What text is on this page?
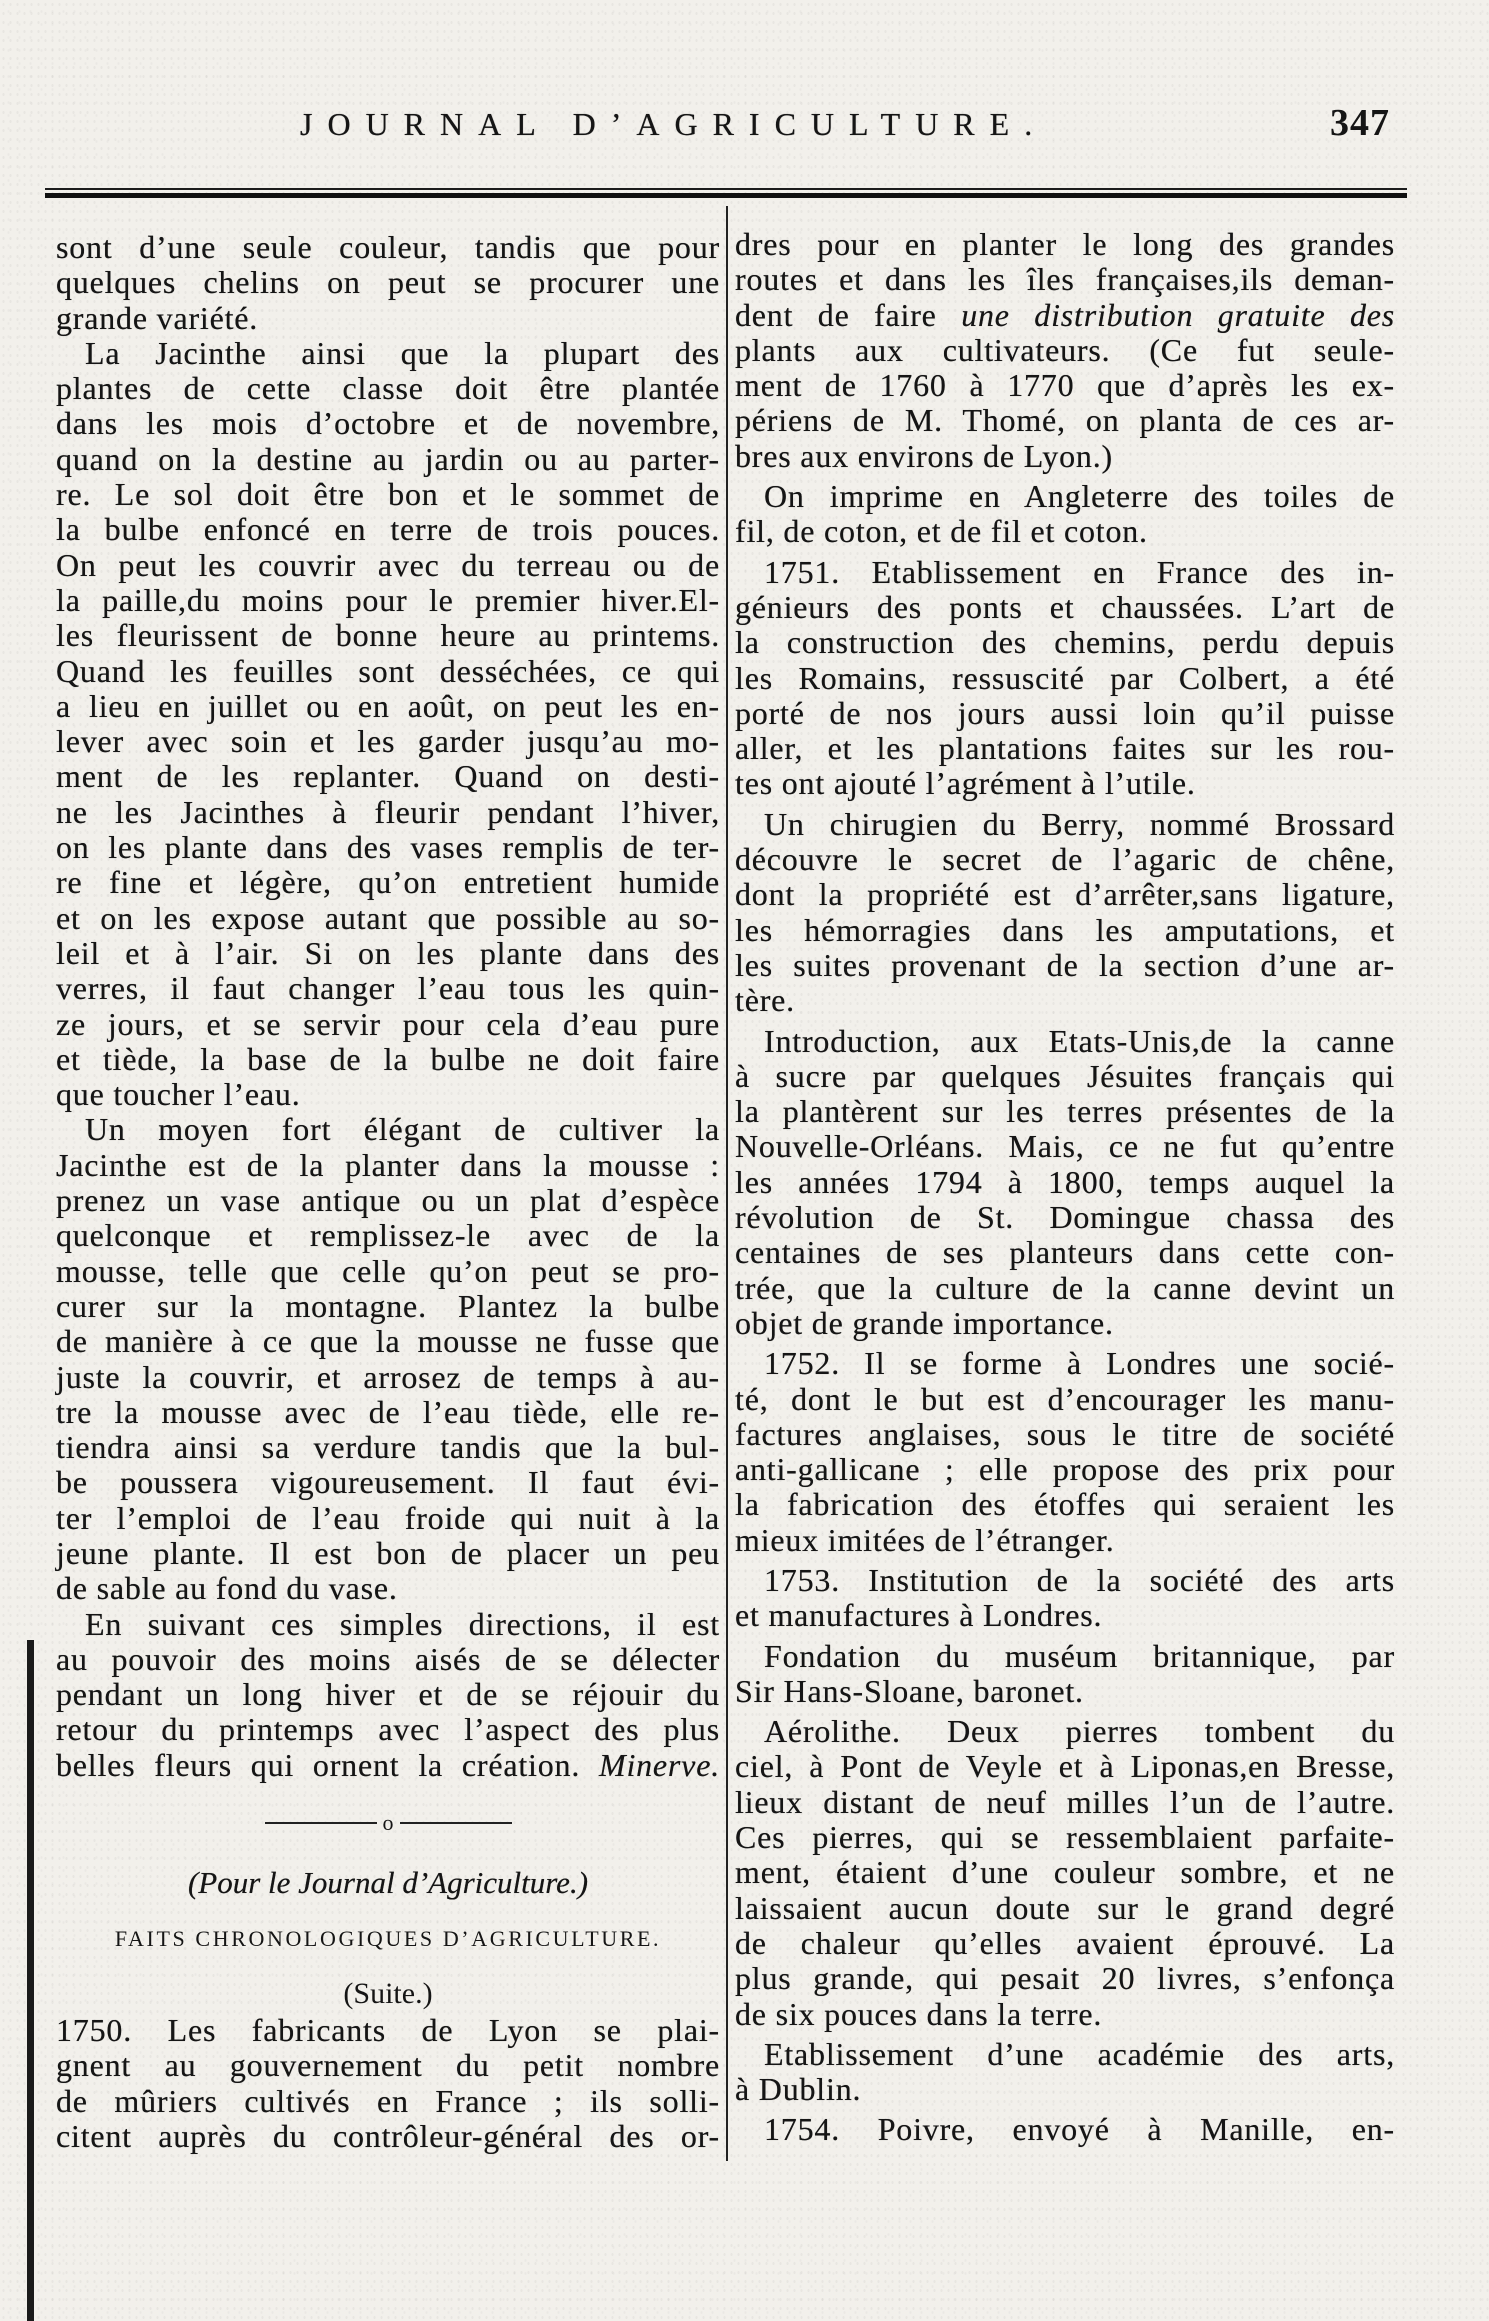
JOURNAL D’AGRICULTURE.	347
sont d’une seule couleur, tandis que pour
quelques chelins on peut se procurer une
grande variété.
La Jacinthe ainsi que la plupart des
plantes de cette classe doit être plantée
dans les mois d’octobre et de novembre,
quand on la destine au jardin ou au parter-
re. Le sol doit être bon et le sommet de
la bulbe enfoncé en terre de trois pouces.
On peut les couvrir avec du terreau ou de
la paille,du moins pour le premier hiver.El-
les fleurissent de bonne heure au printems.
Quand les feuilles sont desséchées, ce qui
a lieu en juillet ou en août, on peut les en-
lever avec soin et les garder jusqu’au mo-
ment de les replanter. Quand on desti-
ne les Jacinthes à fleurir pendant l’hiver,
on les plante dans des vases remplis de ter-
re fine et légère, qu’on entretient humide
et on les expose autant que possible au so-
leil et à l’air. Si on les plante dans des
verres, il faut changer l’eau tous les quin-
ze jours, et se servir pour cela d’eau pure
et tiède, la base de la bulbe ne doit faire
que toucher l’eau.
Un moyen fort élégant de cultiver la
Jacinthe est de la planter dans la mousse :
prenez un vase antique ou un plat d’espèce
quelconque et remplissez-le avec de la
mousse, telle que celle qu’on peut se pro-
curer sur la montagne. Plantez la bulbe
de manière à ce que la mousse ne fusse que
juste la couvrir, et arrosez de temps à au-
tre la mousse avec de l’eau tiède, elle re-
tiendra ainsi sa verdure tandis que la bul-
be poussera vigoureusement. Il faut évi-
ter l’emploi de l’eau froide qui nuit à la
jeune plante. Il est bon de placer un peu
de sable au fond du vase.
En suivant ces simples directions, il est
au pouvoir des moins aisés de se délecter
pendant un long hiver et de se réjouir du
retour du printemps avec l’aspect des plus
belles fleurs qui ornent la création. Minerve.
o
(Pour le Journal d’Agriculture.)
FAITS CHRONOLOGIQUES D’AGRICULTURE.
(Suite.)
1750. Les fabricants de Lyon se plai-
gnent au gouvernement du petit nombre
de mûriers cultivés en France ; ils solli-
citent auprès du contrôleur-général des or-
dres pour en planter le long des grandes
routes et dans les îles françaises,ils deman-
dent de faire une distribution gratuite des
plants aux cultivateurs. (Ce fut seule-
ment de 1760 à 1770 que d’après les ex-
périens de M. Thomé, on planta de ces ar-
bres aux environs de Lyon.)
On imprime en Angleterre des toiles de
fil, de coton, et de fil et coton.
1751. Etablissement en France des in-
génieurs des ponts et chaussées. L’art de
la construction des chemins, perdu depuis
les Romains, ressuscité par Colbert, a été
porté de nos jours aussi loin qu’il puisse
aller, et les plantations faites sur les rou-
tes ont ajouté l’agrément à l’utile.
Un chirugien du Berry, nommé Brossard
découvre le secret de l’agaric de chêne,
dont la propriété est d’arrêter,sans ligature,
les hémorragies dans les amputations, et
les suites provenant de la section d’une ar-
tère.
Introduction, aux Etats-Unis,de la canne
à sucre par quelques Jésuites français qui
la plantèrent sur les terres présentes de la
Nouvelle-Orléans. Mais, ce ne fut qu’entre
les années 1794 à 1800, temps auquel la
révolution de St. Domingue chassa des
centaines de ses planteurs dans cette con-
trée, que la culture de la canne devint un
objet de grande importance.
1752. Il se forme à Londres une socié-
té, dont le but est d’encourager les manu-
factures anglaises, sous le titre de société
anti-gallicane ; elle propose des prix pour
la fabrication des étoffes qui seraient les
mieux imitées de l’étranger.
1753. Institution de la société des arts
et manufactures à Londres.
Fondation du muséum britannique, par
Sir Hans-Sloane, baronet.
Aérolithe. Deux pierres tombent du
ciel, à Pont de Veyle et à Liponas,en Bresse,
lieux distant de neuf milles l’un de l’autre.
Ces pierres, qui se ressemblaient parfaite-
ment, étaient d’une couleur sombre, et ne
laissaient aucun doute sur le grand degré
de chaleur qu’elles avaient éprouvé. La
plus grande, qui pesait 20 livres, s’enfonça
de six pouces dans la terre.
Etablissement d’une académie des arts,
à Dublin.
1754. Poivre, envoyé à Manille, en-
